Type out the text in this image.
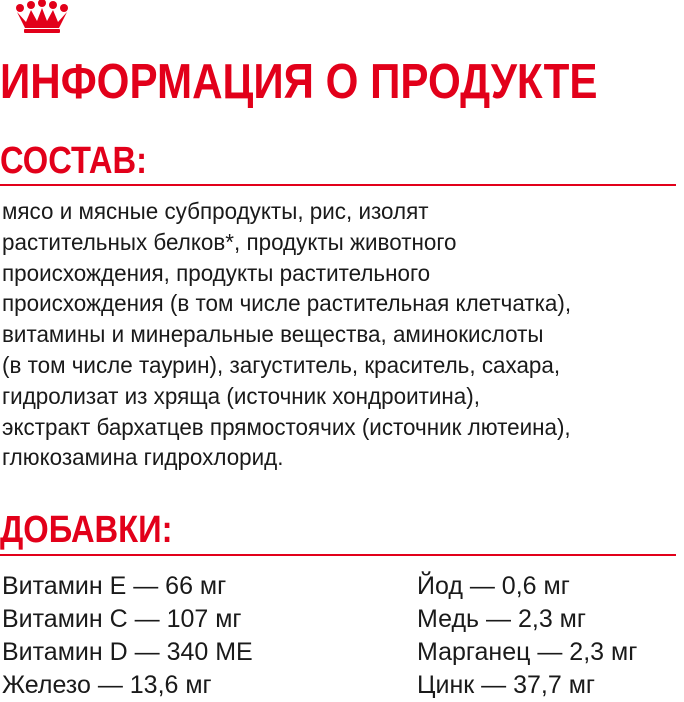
ИНФОРМАЦИЯ О ПРОДУКТЕ
СОСТАВ:

мясо и мясные субпродукты, рис, изолят
растительных белков*, продукты животного
происхождения, продукты растительного
происхождения (в том числе растительная клетчатка),
витамины и минеральные вещества, аминокислоты
(в том числе таурин), загуститель, краситель, сахара,
гидролизат из хряща (источник хондроитина),
экстракт бархатцев прямостоячих (источник лютеина),
глюкозамина гидрохлорид.

ДОБАВКИ:
Витамин E — 66 мг
Витамин C — 107 мг
Витамин D — 340 МЕ
Железо — 13,6 мг
Йод — 0,6 мг
Медь — 2,3 мг
Марганец — 2,3 мг
Цинк — 37,7 мг
